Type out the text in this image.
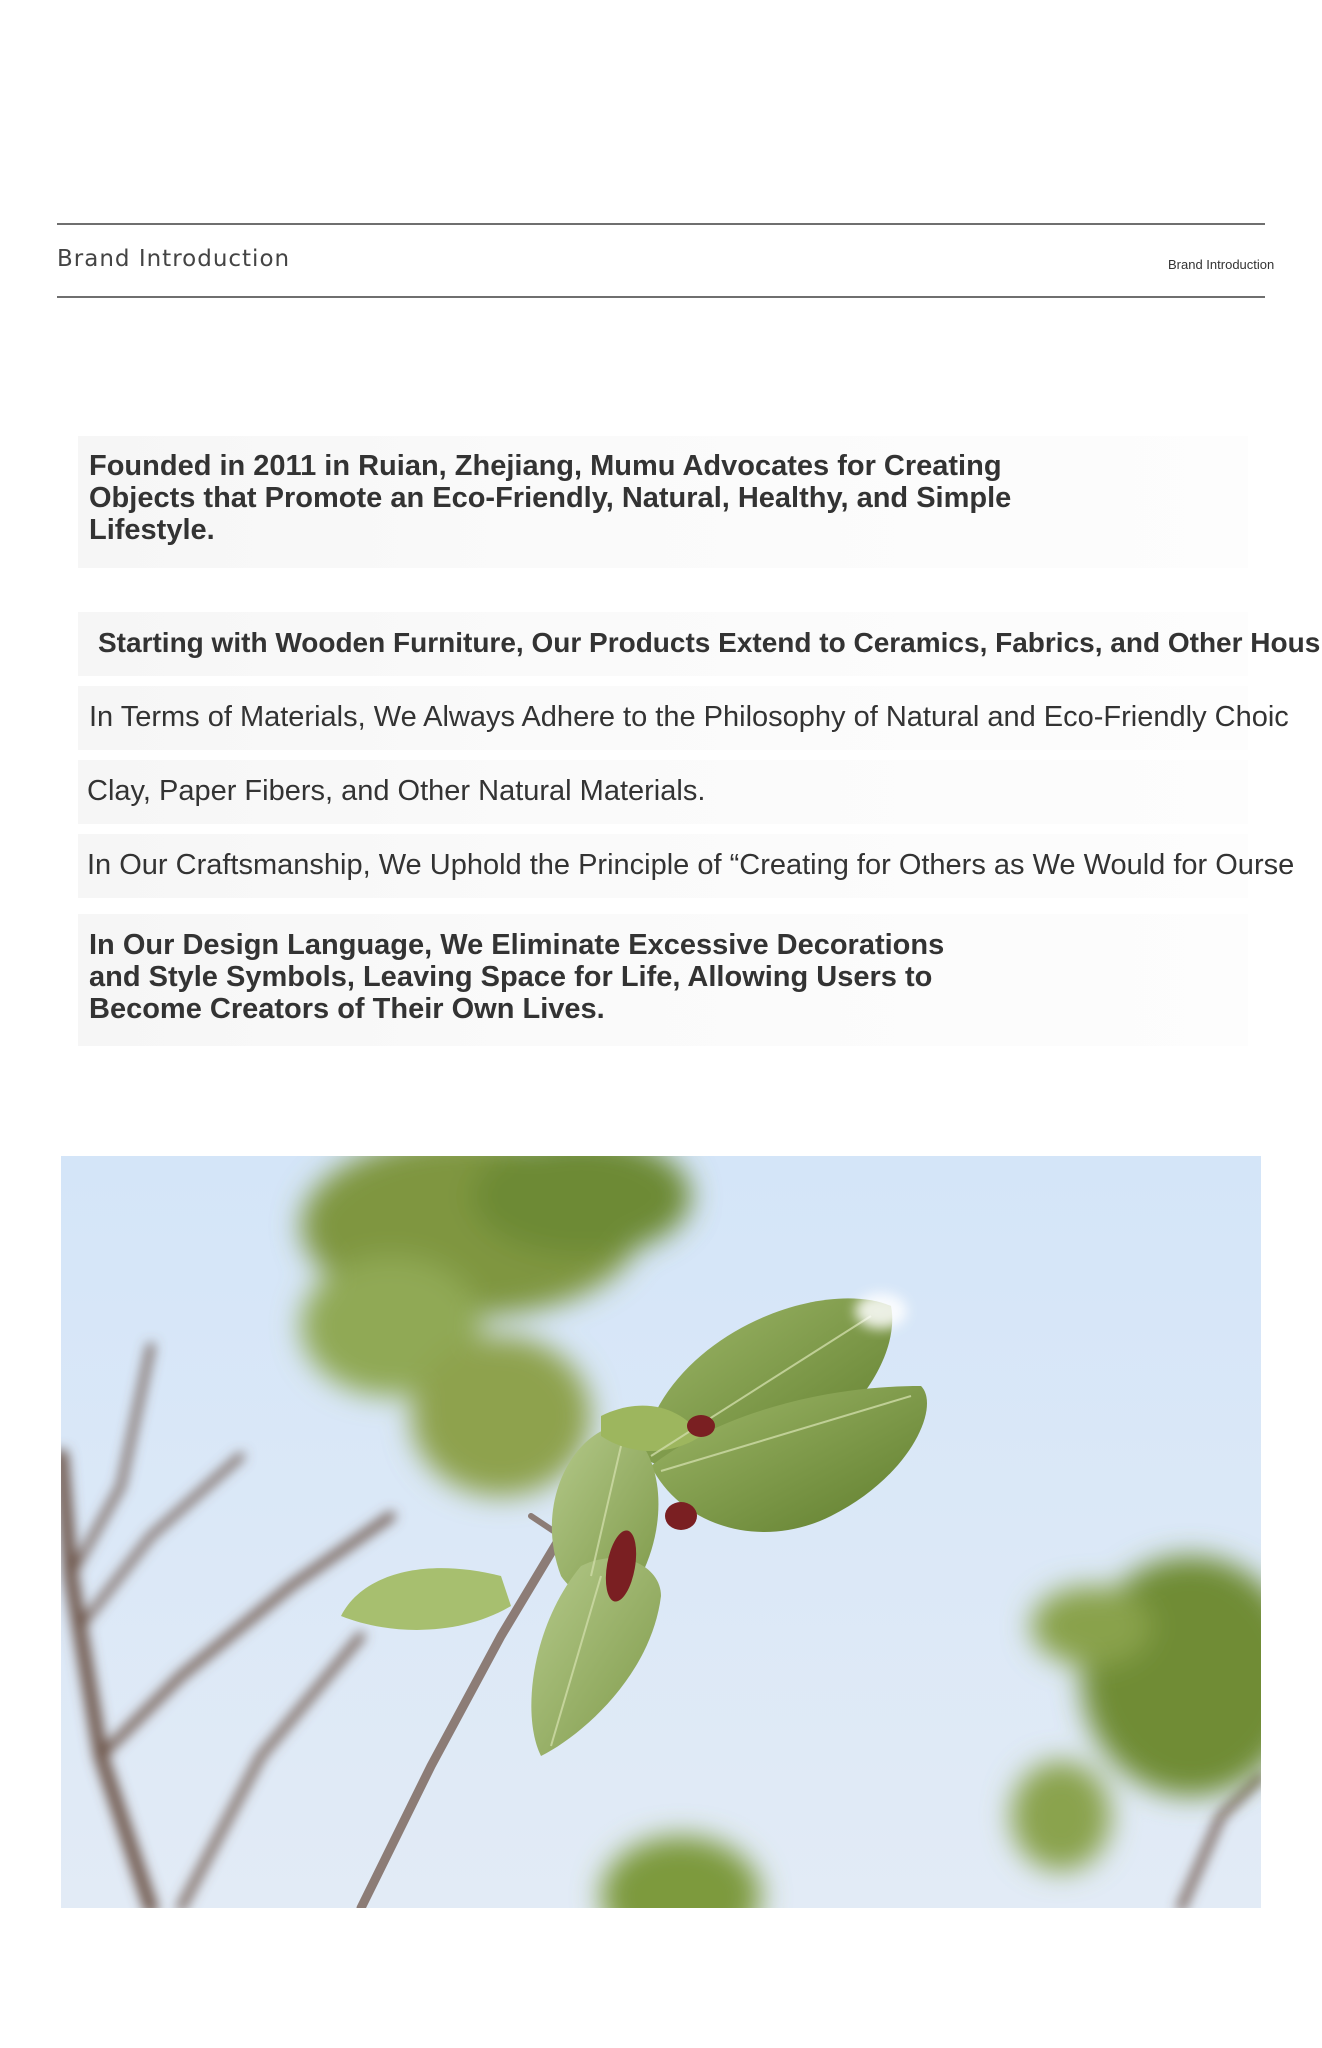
Brand Introduction	Brand Introduction
Founded in 2011 in Ruian, Zhejiang, Mumu Advocates for Creating Objects that Promote an Eco-Friendly, Natural, Healthy, and Simple Lifestyle.
Starting with Wooden Furniture, Our Products Extend to Ceramics, Fabrics, and Other Hous
In Terms of Materials, We Always Adhere to the Philosophy of Natural and Eco-Friendly Choic
Clay, Paper Fibers, and Other Natural Materials.
In Our Craftsmanship, We Uphold the Principle of “Creating for Others as We Would for Ourse
In Our Design Language, We Eliminate Excessive Decorations and Style Symbols, Leaving Space for Life, Allowing Users to Become Creators of Their Own Lives.
